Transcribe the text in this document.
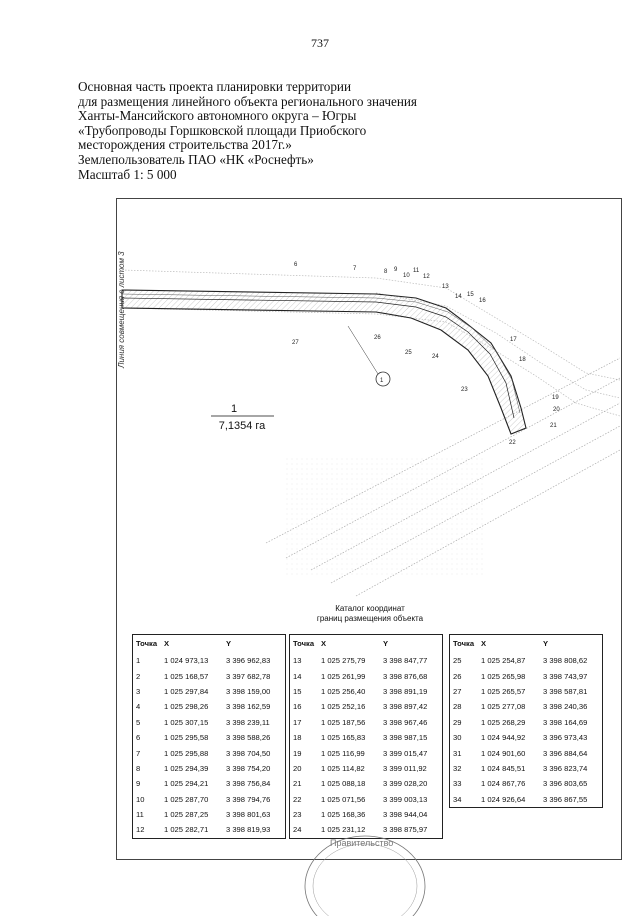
737
Основная часть проекта планировки территории
для размещения линейного объекта регионального значения
Ханты-Мансийского автономного округа – Югры
«Трубопроводы Горшковской площади Приобского
месторождения строительства 2017г.»
Землепользователь ПАО «НК «Роснефть»
Масштаб 1: 5 000
Линия совмещения с листом 3
1
1
7,1354 га
6
7	8 9
10
11
12
13
14 15
16
17
18
19
20
21
22
23
24
25
26
27
Каталог координат
границ размещения объекта
Точка	X	Y
1	1 024 973,13	3 396 962,83
2	1 025 168,57	3 397 682,78
3	1 025 297,84	3 398 159,00
4	1 025 298,26	3 398 162,59
5	1 025 307,15	3 398 239,11
6	1 025 295,58	3 398 588,26
7	1 025 295,88	3 398 704,50
8	1 025 294,39	3 398 754,20
9	1 025 294,21	3 398 756,84
10	1 025 287,70	3 398 794,76
11	1 025 287,25	3 398 801,63
12	1 025 282,71	3 398 819,93
Точка	X	Y
13	1 025 275,79	3 398 847,77
14	1 025 261,99	3 398 876,68
15	1 025 256,40	3 398 891,19
16	1 025 252,16	3 398 897,42
17	1 025 187,56	3 398 967,46
18	1 025 165,83	3 398 987,15
19	1 025 116,99	3 399 015,47
20	1 025 114,82	3 399 011,92
21	1 025 088,18	3 399 028,20
22	1 025 071,56	3 399 003,13
23	1 025 168,36	3 398 944,04
24	1 025 231,12	3 398 875,97
Точка	X	Y
25	1 025 254,87	3 398 808,62
26	1 025 265,98	3 398 743,97
27	1 025 265,57	3 398 587,81
28	1 025 277,08	3 398 240,36
29	1 025 268,29	3 398 164,69
30	1 024 944,92	3 396 973,43
31	1 024 901,60	3 396 884,64
32	1 024 845,51	3 396 823,74
33	1 024 867,76	3 396 803,65
34	1 024 926,64	3 396 867,55
Правительство
